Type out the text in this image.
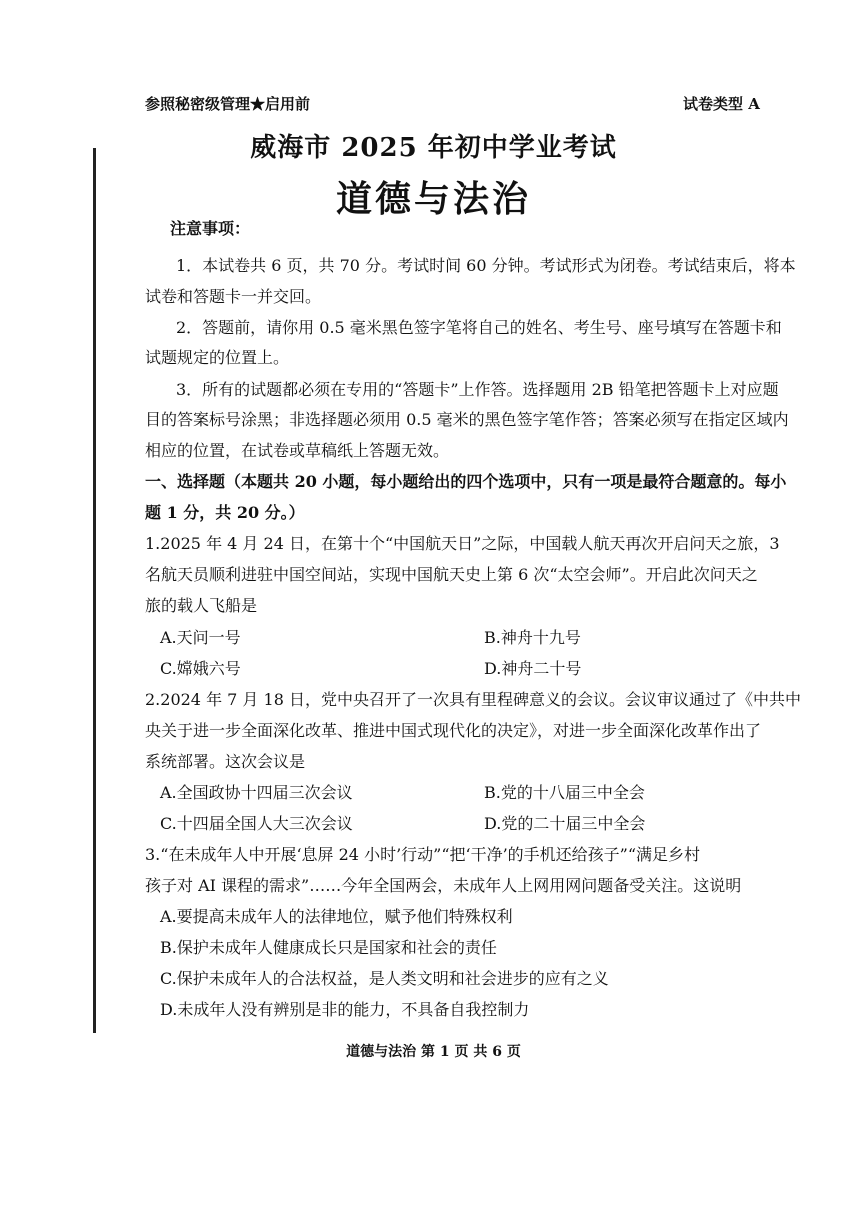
参照秘密级管理★启用前	试卷类型 A
威海市 2025 年初中学业考试
道德与法治
注意事项：
1．本试卷共 6 页，共 70 分。考试时间 60 分钟。考试形式为闭卷。考试结束后，将本
试卷和答题卡一并交回。
2．答题前，请你用 0.5 毫米黑色签字笔将自己的姓名、考生号、座号填写在答题卡和
试题规定的位置上。
3．所有的试题都必须在专用的“答题卡”上作答。选择题用 2B 铅笔把答题卡上对应题
目的答案标号涂黑；非选择题必须用 0.5 毫米的黑色签字笔作答；答案必须写在指定区域内
相应的位置，在试卷或草稿纸上答题无效。
一、选择题（本题共 20 小题，每小题给出的四个选项中，只有一项是最符合题意的。每小
题 1 分，共 20 分。）
1.2025 年 4 月 24 日，在第十个“中国航天日”之际，中国载人航天再次开启问天之旅，3
名航天员顺利进驻中国空间站，实现中国航天史上第 6 次“太空会师”。开启此次问天之
旅的载人飞船是
A.天问一号	B.神舟十九号
C.嫦娥六号	D.神舟二十号
2.2024 年 7 月 18 日，党中央召开了一次具有里程碑意义的会议。会议审议通过了《中共中
央关于进一步全面深化改革、推进中国式现代化的决定》，对进一步全面深化改革作出了
系统部署。这次会议是
A.全国政协十四届三次会议	B.党的十八届三中全会
C.十四届全国人大三次会议	D.党的二十届三中全会
3.“在未成年人中开展‘息屏 24 小时’行动”“把‘干净’的手机还给孩子”“满足乡村
孩子对 AI 课程的需求”……今年全国两会，未成年人上网用网问题备受关注。这说明
A.要提高未成年人的法律地位，赋予他们特殊权利
B.保护未成年人健康成长只是国家和社会的责任
C.保护未成年人的合法权益，是人类文明和社会进步的应有之义
D.未成年人没有辨别是非的能力，不具备自我控制力
道德与法治 第 1 页 共 6 页
